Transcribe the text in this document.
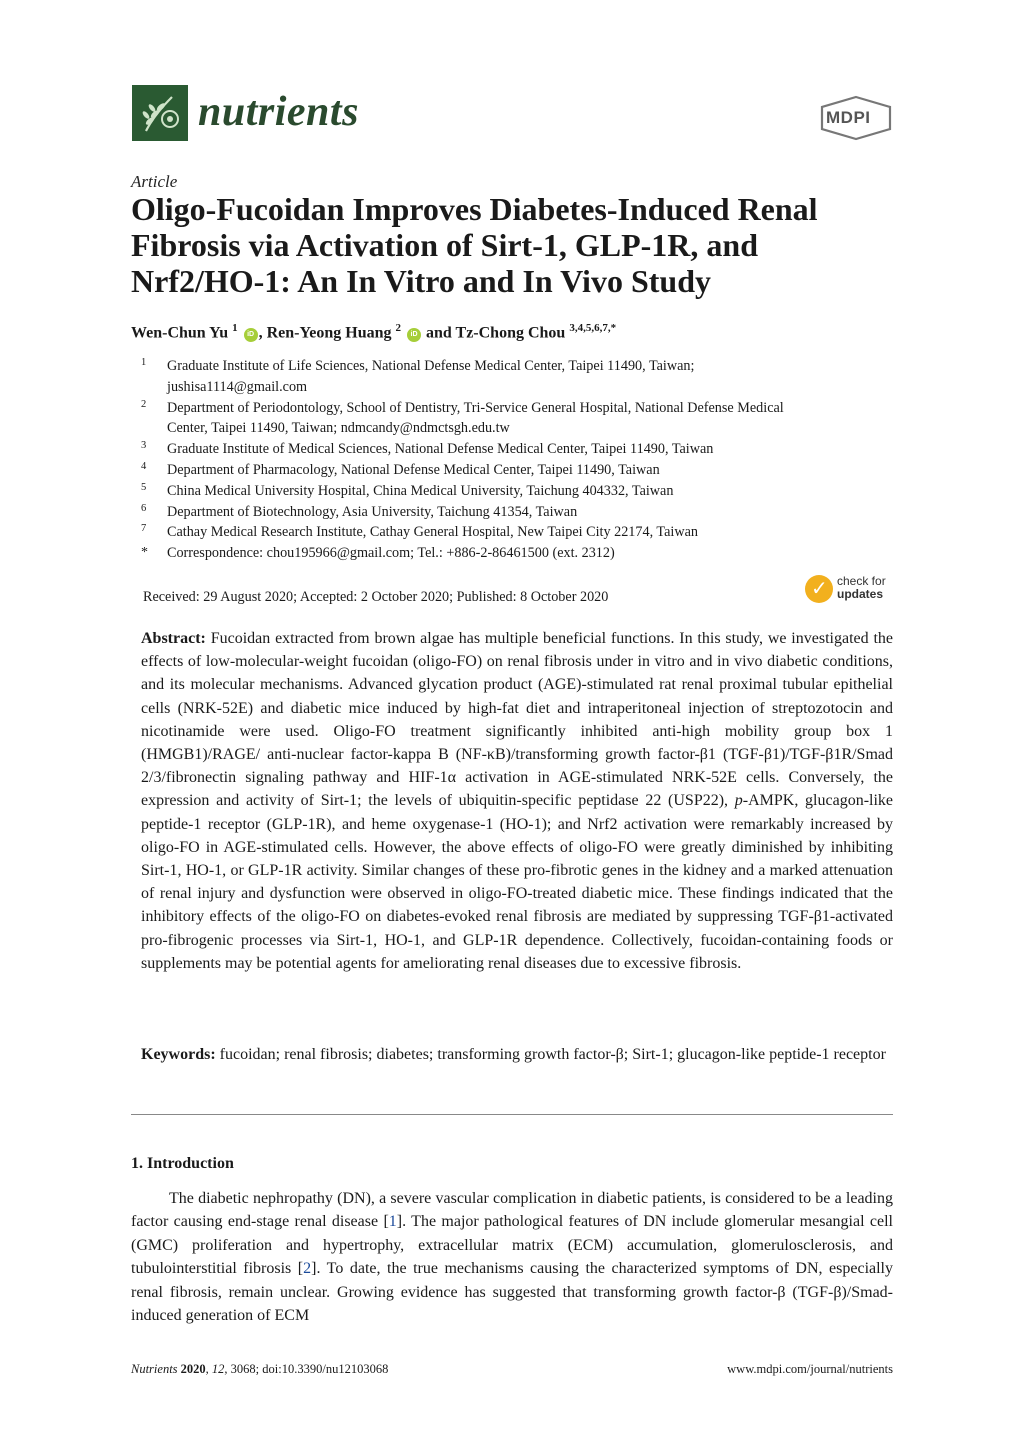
nutrients	MDPI
Article
Oligo-Fucoidan Improves Diabetes-Induced Renal
Fibrosis via Activation of Sirt-1, GLP-1R, and
Nrf2/HO-1: An In Vitro and In Vivo Study
Wen-Chun Yu $^1$ iD , Ren-Yeong Huang $^2$ iD and Tz-Chong Chou $^{3,4,5,6,7,*}$
1 Graduate Institute of Life Sciences, National Defense Medical Center, Taipei 11490, Taiwan;
jushisa1114@gmail.com
2 Department of Periodontology, School of Dentistry, Tri-Service General Hospital, National Defense Medical
Center, Taipei 11490, Taiwan; ndmcandy@ndmctsgh.edu.tw
3 Graduate Institute of Medical Sciences, National Defense Medical Center, Taipei 11490, Taiwan
4 Department of Pharmacology, National Defense Medical Center, Taipei 11490, Taiwan
5 China Medical University Hospital, China Medical University, Taichung 404332, Taiwan
6 Department of Biotechnology, Asia University, Taichung 41354, Taiwan
7 Cathay Medical Research Institute, Cathay General Hospital, New Taipei City 22174, Taiwan
* Correspondence: chou195966@gmail.com; Tel.: +886-2-86461500 (ext. 2312)
Received: 29 August 2020; Accepted: 2 October 2020; Published: 8 October 2020	✓ check for
updates
Abstract: Fucoidan extracted from brown algae has multiple beneficial functions. In this study, we investigated the effects of low-molecular-weight fucoidan (oligo-FO) on renal fibrosis under in vitro and in vivo diabetic conditions, and its molecular mechanisms. Advanced glycation product (AGE)-stimulated rat renal proximal tubular epithelial cells (NRK-52E) and diabetic mice induced by high-fat diet and intraperitoneal injection of streptozotocin and nicotinamide were used. Oligo-FO treatment significantly inhibited anti-high mobility group box 1 (HMGB1)/RAGE/ anti-nuclear factor-kappa B (NF-κB)/transforming growth factor-β1 (TGF-β1)/TGF-β1R/Smad 2/3/fibronectin signaling pathway and HIF-1α activation in AGE-stimulated NRK-52E cells. Conversely, the expression and activity of Sirt-1; the levels of ubiquitin-specific peptidase 22 (USP22), p-AMPK, glucagon-like peptide-1 receptor (GLP-1R), and heme oxygenase-1 (HO-1); and Nrf2 activation were remarkably increased by oligo-FO in AGE-stimulated cells. However, the above effects of oligo-FO were greatly diminished by inhibiting Sirt-1, HO-1, or GLP-1R activity. Similar changes of these pro-fibrotic genes in the kidney and a marked attenuation of renal injury and dysfunction were observed in oligo-FO-treated diabetic mice. These findings indicated that the inhibitory effects of the oligo-FO on diabetes-evoked renal fibrosis are mediated by suppressing TGF-β1-activated pro-fibrogenic processes via Sirt-1, HO-1, and GLP-1R dependence. Collectively, fucoidan-containing foods or supplements may be potential agents for ameliorating renal diseases due to excessive fibrosis.
Keywords: fucoidan; renal fibrosis; diabetes; transforming growth factor-β; Sirt-1; glucagon-like peptide-1 receptor
1. Introduction
The diabetic nephropathy (DN), a severe vascular complication in diabetic patients, is considered to be a leading factor causing end-stage renal disease [1]. The major pathological features of DN include glomerular mesangial cell (GMC) proliferation and hypertrophy, extracellular matrix (ECM) accumulation, glomerulosclerosis, and tubulointerstitial fibrosis [2]. To date, the true mechanisms causing the characterized symptoms of DN, especially renal fibrosis, remain unclear. Growing evidence has suggested that transforming growth factor-β (TGF-β)/Smad-induced generation of ECM
Nutrients 2020, 12, 3068; doi:10.3390/nu12103068	www.mdpi.com/journal/nutrients
